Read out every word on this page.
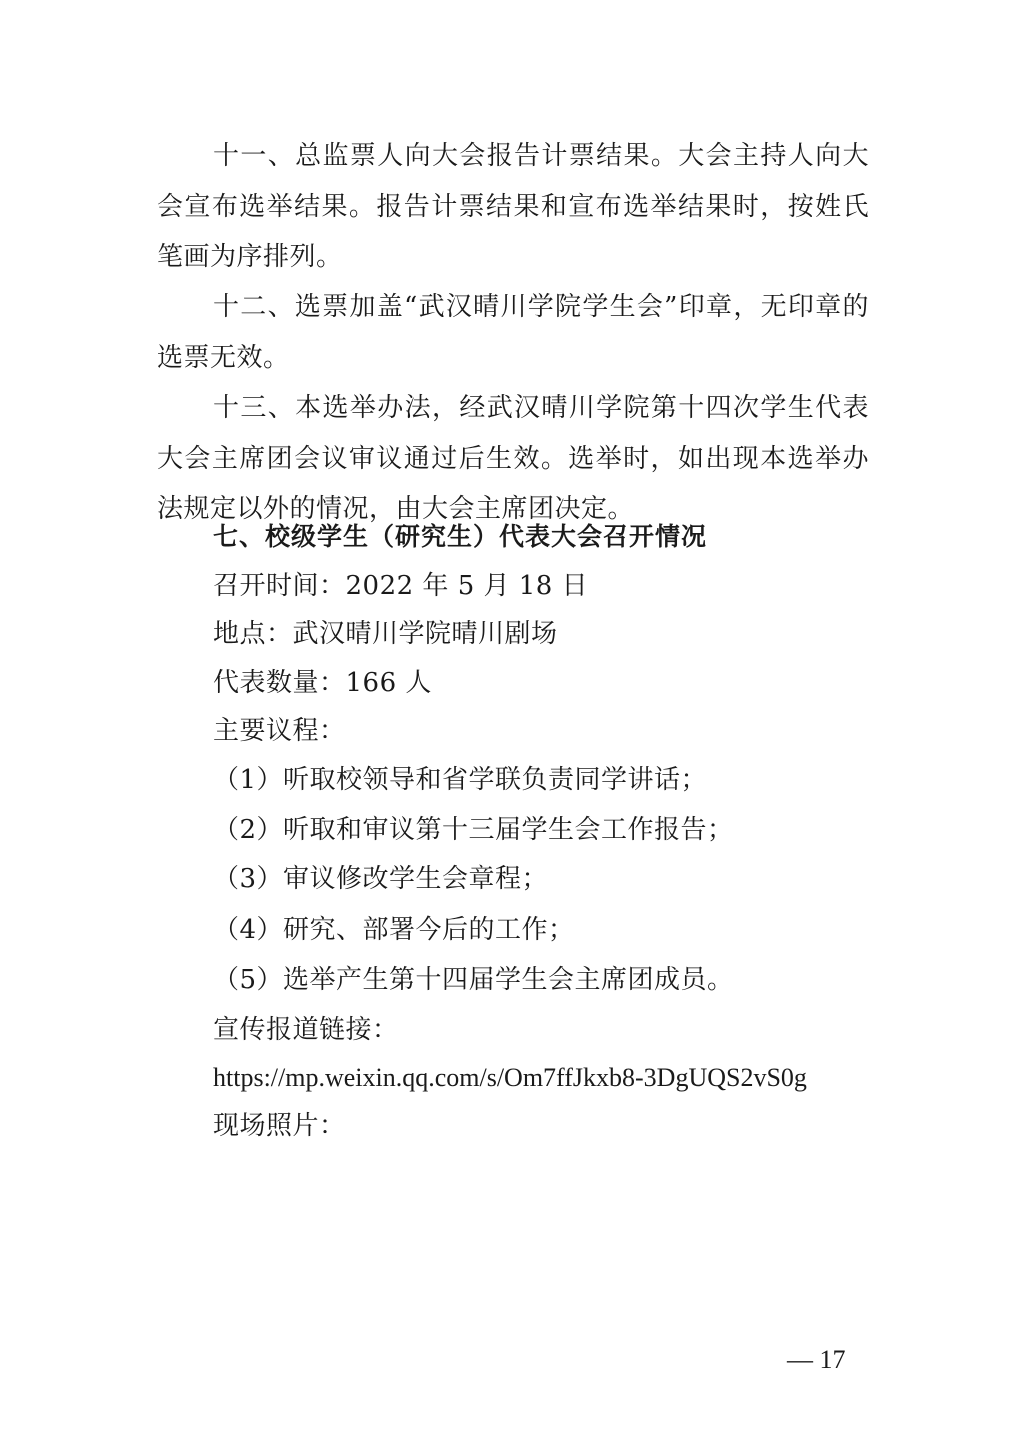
十一、总监票人向大会报告计票结果。大会主持人向大会宣布选举结果。报告计票结果和宣布选举结果时，按姓氏笔画为序排列。

十二、选票加盖“武汉晴川学院学生会”印章，无印章的选票无效。

十三、本选举办法，经武汉晴川学院第十四次学生代表大会主席团会议审议通过后生效。选举时，如出现本选举办法规定以外的情况，由大会主席团决定。

七、校级学生（研究生）代表大会召开情况

召开时间：2022 年 5 月 18 日

地点：武汉晴川学院晴川剧场

代表数量：166 人

主要议程：

（1）听取校领导和省学联负责同学讲话；

（2）听取和审议第十三届学生会工作报告；

（3）审议修改学生会章程；

（4）研究、部署今后的工作；

（5）选举产生第十四届学生会主席团成员。

宣传报道链接：

https://mp.weixin.qq.com/s/Om7ffJkxb8-3DgUQS2vS0g

现场照片：

— 17
